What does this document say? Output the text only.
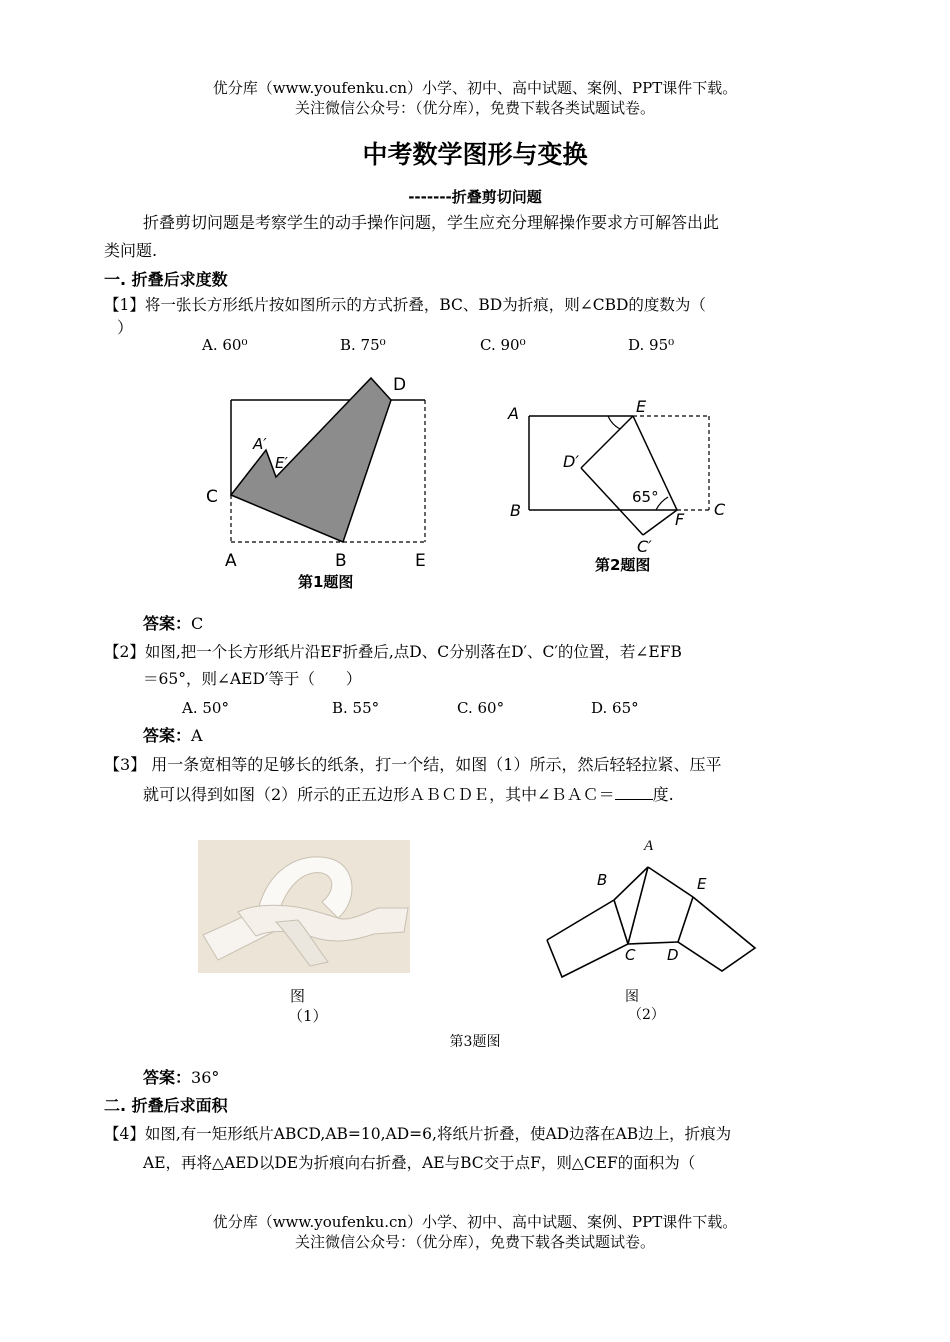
优分库（www.youfenku.cn）小学、初中、高中试题、案例、PPT课件下载。
关注微信公众号：（优分库），免费下载各类试题试卷。
中考数学图形与变换
-------折叠剪切问题
折叠剪切问题是考察学生的动手操作问题，学生应充分理解操作要求方可解答出此
类问题.
一. 折叠后求度数
【1】将一张长方形纸片按如图所示的方式折叠，BC、BD为折痕，则∠CBD的度数为（
）
A. 60⁰	B. 75⁰	C. 90⁰	D. 95⁰
C
A′
E′
D
A	B	E
第1题图
A
B
E
D′
65°
F
C
C′
第2题图
答案：C
【2】如图,把一个长方形纸片沿EF折叠后,点D、C分别落在D′、C′的位置，若∠EFB
＝65°，则∠AED′等于（　　）
A. 50°	B. 55°	C. 60°	D. 65°
答案：A
【3】 用一条宽相等的足够长的纸条，打一个结，如图（1）所示，然后轻轻拉紧、压平
就可以得到如图（2）所示的正五边形ＡＢＣＤＥ，其中∠ＢＡＣ＝ 度.
图
（1）
A
B	E
C D
图
（2）
第3题图
答案：36°
二. 折叠后求面积
【4】如图,有一矩形纸片ABCD,AB=10,AD=6,将纸片折叠，使AD边落在AB边上，折痕为
AE，再将△AED以DE为折痕向右折叠，AE与BC交于点F，则△CEF的面积为（
优分库（www.youfenku.cn）小学、初中、高中试题、案例、PPT课件下载。
关注微信公众号：（优分库），免费下载各类试题试卷。
